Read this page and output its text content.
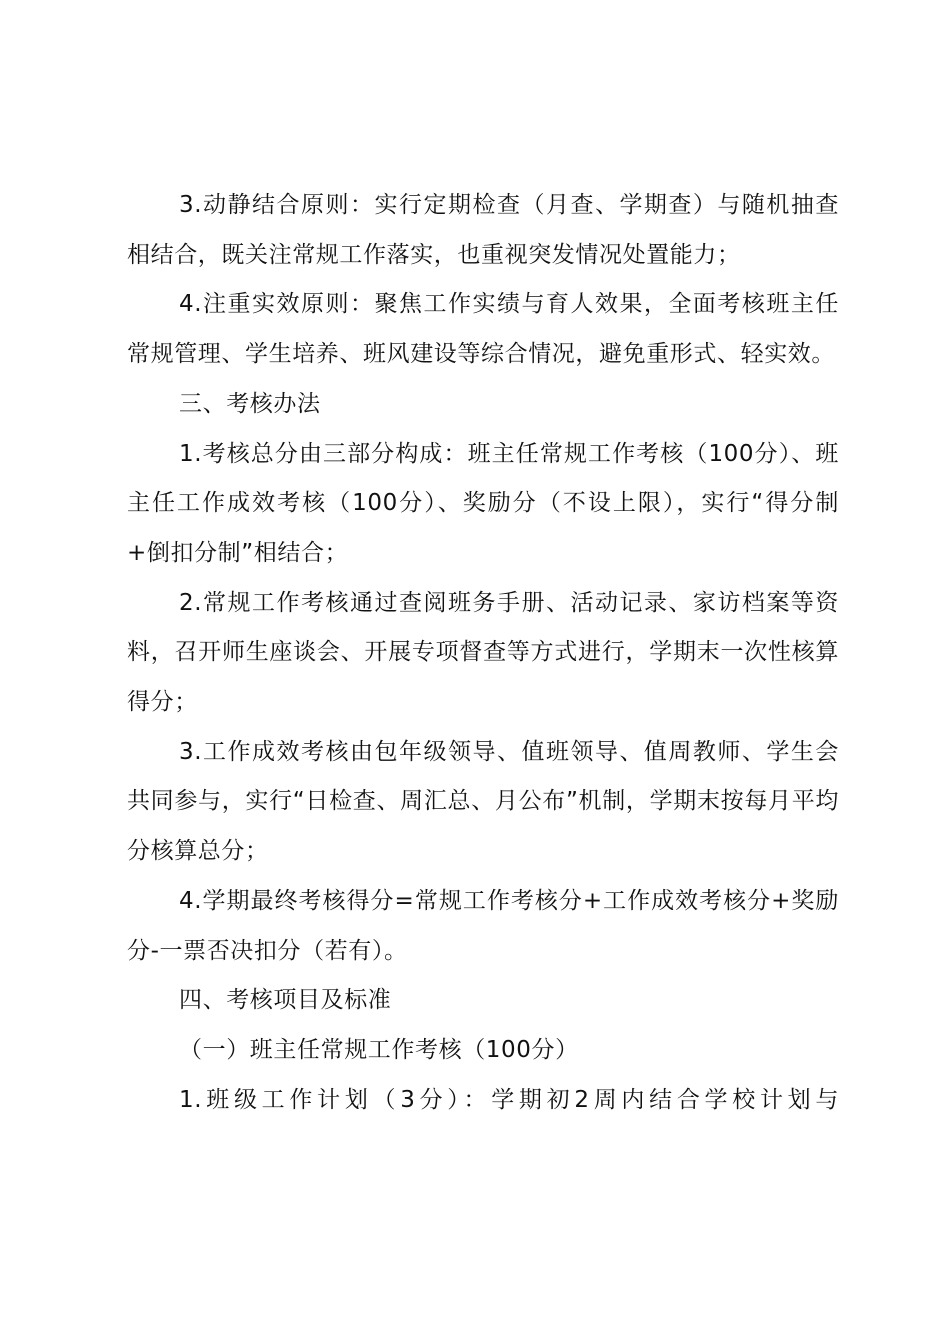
3.动静结合原则：实行定期检查（月查、学期查）与随机抽查相结合，既关注常规工作落实，也重视突发情况处置能力；

4.注重实效原则：聚焦工作实绩与育人效果，全面考核班主任常规管理、学生培养、班风建设等综合情况，避免重形式、轻实效。

三、考核办法

1.考核总分由三部分构成：班主任常规工作考核（100分）、班主任工作成效考核（100分）、奖励分（不设上限），实行“得分制+倒扣分制”相结合；

2.常规工作考核通过查阅班务手册、活动记录、家访档案等资料，召开师生座谈会、开展专项督查等方式进行，学期末一次性核算得分；

3.工作成效考核由包年级领导、值班领导、值周教师、学生会共同参与，实行“日检查、周汇总、月公布”机制，学期末按每月平均分核算总分；

4.学期最终考核得分=常规工作考核分+工作成效考核分+奖励分-一票否决扣分（若有）。

四、考核项目及标准

（一）班主任常规工作考核（100分）

1.班级工作计划（3分）：学期初2周内结合学校计划与
